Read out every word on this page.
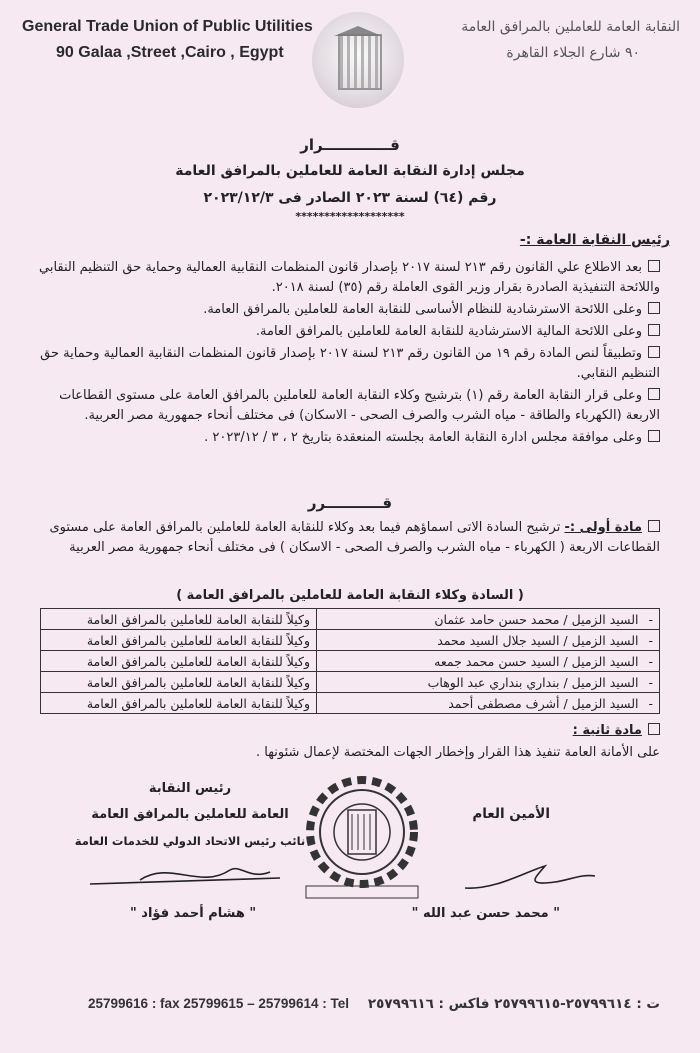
General Trade Union of Public Utilities
90 Galaa ,Street ,Cairo , Egypt
النقابة العامة للعاملين بالمرافق العامة
٩٠ شارع الجلاء القاهرة
قـــــــــــــرار
مجلس إدارة النقابة العامة للعاملين بالمرافق العامة
رقم (٦٤) لسنة ٢٠٢٣ الصادر فى ٢٠٢٣/١٢/٣
*******************
رئيس النقابة العامة :-

بعد الاطلاع علي القانون رقم ٢١٣ لسنة ٢٠١٧ بإصدار قانون المنظمات النقابية العمالية وحماية حق التنظيم النقابي واللائحة التنفيذية الصادرة بقرار وزير القوى العاملة رقم (٣٥) لسنة ٢٠١٨.

وعلى اللائحة الاسترشادية للنظام الأساسى للنقابة العامة للعاملين بالمرافق العامة.

وعلى اللائحة المالية الاسترشادية للنقابة العامة للعاملين بالمرافق العامة.

وتطبيقاً لنص المادة رقم ١٩ من القانون رقم ٢١٣ لسنة ٢٠١٧ بإصدار قانون المنظمات النقابية العمالية وحماية حق التنظيم النقابي.

وعلى قرار النقابة العامة رقم (١) بترشيح وكلاء النقابة العامة للعاملين بالمرافق العامة على مستوى القطاعات الاربعة (الكهرباء والطاقة - مياه الشرب والصرف الصحى - الاسكان) فى مختلف أنحاء جمهورية مصر العربية.

وعلى موافقة مجلس ادارة النقابة العامة بجلسته المنعقدة بتاريخ ٢ ، ٣ / ٢٠٢٣/١٢ .

قـــــــــــرر
مادة أولى :- ترشيح السادة الاتى اسماؤهم فيما بعد وكلاء للنقابة العامة للعاملين بالمرافق العامة على مستوى القطاعات الاربعة ( الكهرباء - مياه الشرب والصرف الصحى - الاسكان ) فى مختلف أنحاء جمهورية مصر العربية
( السادة وكلاء النقابة العامة للعاملين بالمرافق العامة )
-السيد الزميل / محمد حسن حامد عثمان	وكيلاً للنقابة العامة للعاملين بالمرافق العامة
-السيد الزميل / السيد جلال السيد محمد	وكيلاً للنقابة العامة للعاملين بالمرافق العامة
-السيد الزميل / السيد حسن محمد جمعه	وكيلاً للنقابة العامة للعاملين بالمرافق العامة
-السيد الزميل / بنداري بنداري عبد الوهاب	وكيلاً للنقابة العامة للعاملين بالمرافق العامة
-السيد الزميل / أشرف مصطفى أحمد	وكيلاً للنقابة العامة للعاملين بالمرافق العامة
مادة ثانية :
على الأمانة العامة تنفيذ هذا القرار وإخطار الجهات المختصة لإعمال شئونها .
رئيس النقابة
العامة للعاملين بالمرافق العامة
نائب رئيس الاتحاد الدولي للخدمات العامة
" هشام أحمد فؤاد "
الأمين العام
" محمد حسن عبد الله "
25799616 : fax 25799615 – 25799614 : Tel ت : ٢٥٧٩٩٦١٤-٢٥٧٩٩٦١٥ فاكس : ٢٥٧٩٩٦١٦
